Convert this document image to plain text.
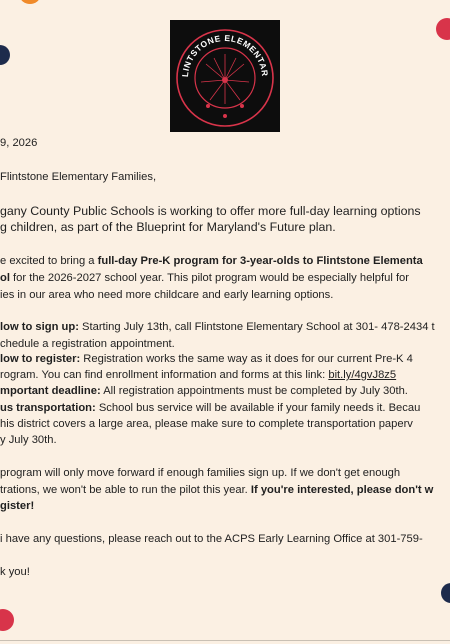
LINTSTONE ELEMENTAR

9, 2026

Flintstone Elementary Families,

gany County Public Schools is working to offer more full-day learning options

g children, as part of the Blueprint for Maryland's Future plan.

e excited to bring a full-day Pre-K program for 3-year-olds to Flintstone Elementa

ol for the 2026-2027 school year. This pilot program would be especially helpful for

ies in our area who need more childcare and early learning options.

low to sign up: Starting July 13th, call Flintstone Elementary School at 301- 478-2434 t

chedule a registration appointment.

low to register: Registration works the same way as it does for our current Pre-K 4

rogram. You can find enrollment information and forms at this link: bit.ly/4gvJ8z5

mportant deadline: All registration appointments must be completed by July 30th.

us transportation: School bus service will be available if your family needs it. Becau

his district covers a large area, please make sure to complete transportation paperv

y July 30th.

program will only move forward if enough families sign up. If we don't get enough

trations, we won't be able to run the pilot this year. If you're interested, please don't w

gister!

i have any questions, please reach out to the ACPS Early Learning Office at 301-759-

k you!
